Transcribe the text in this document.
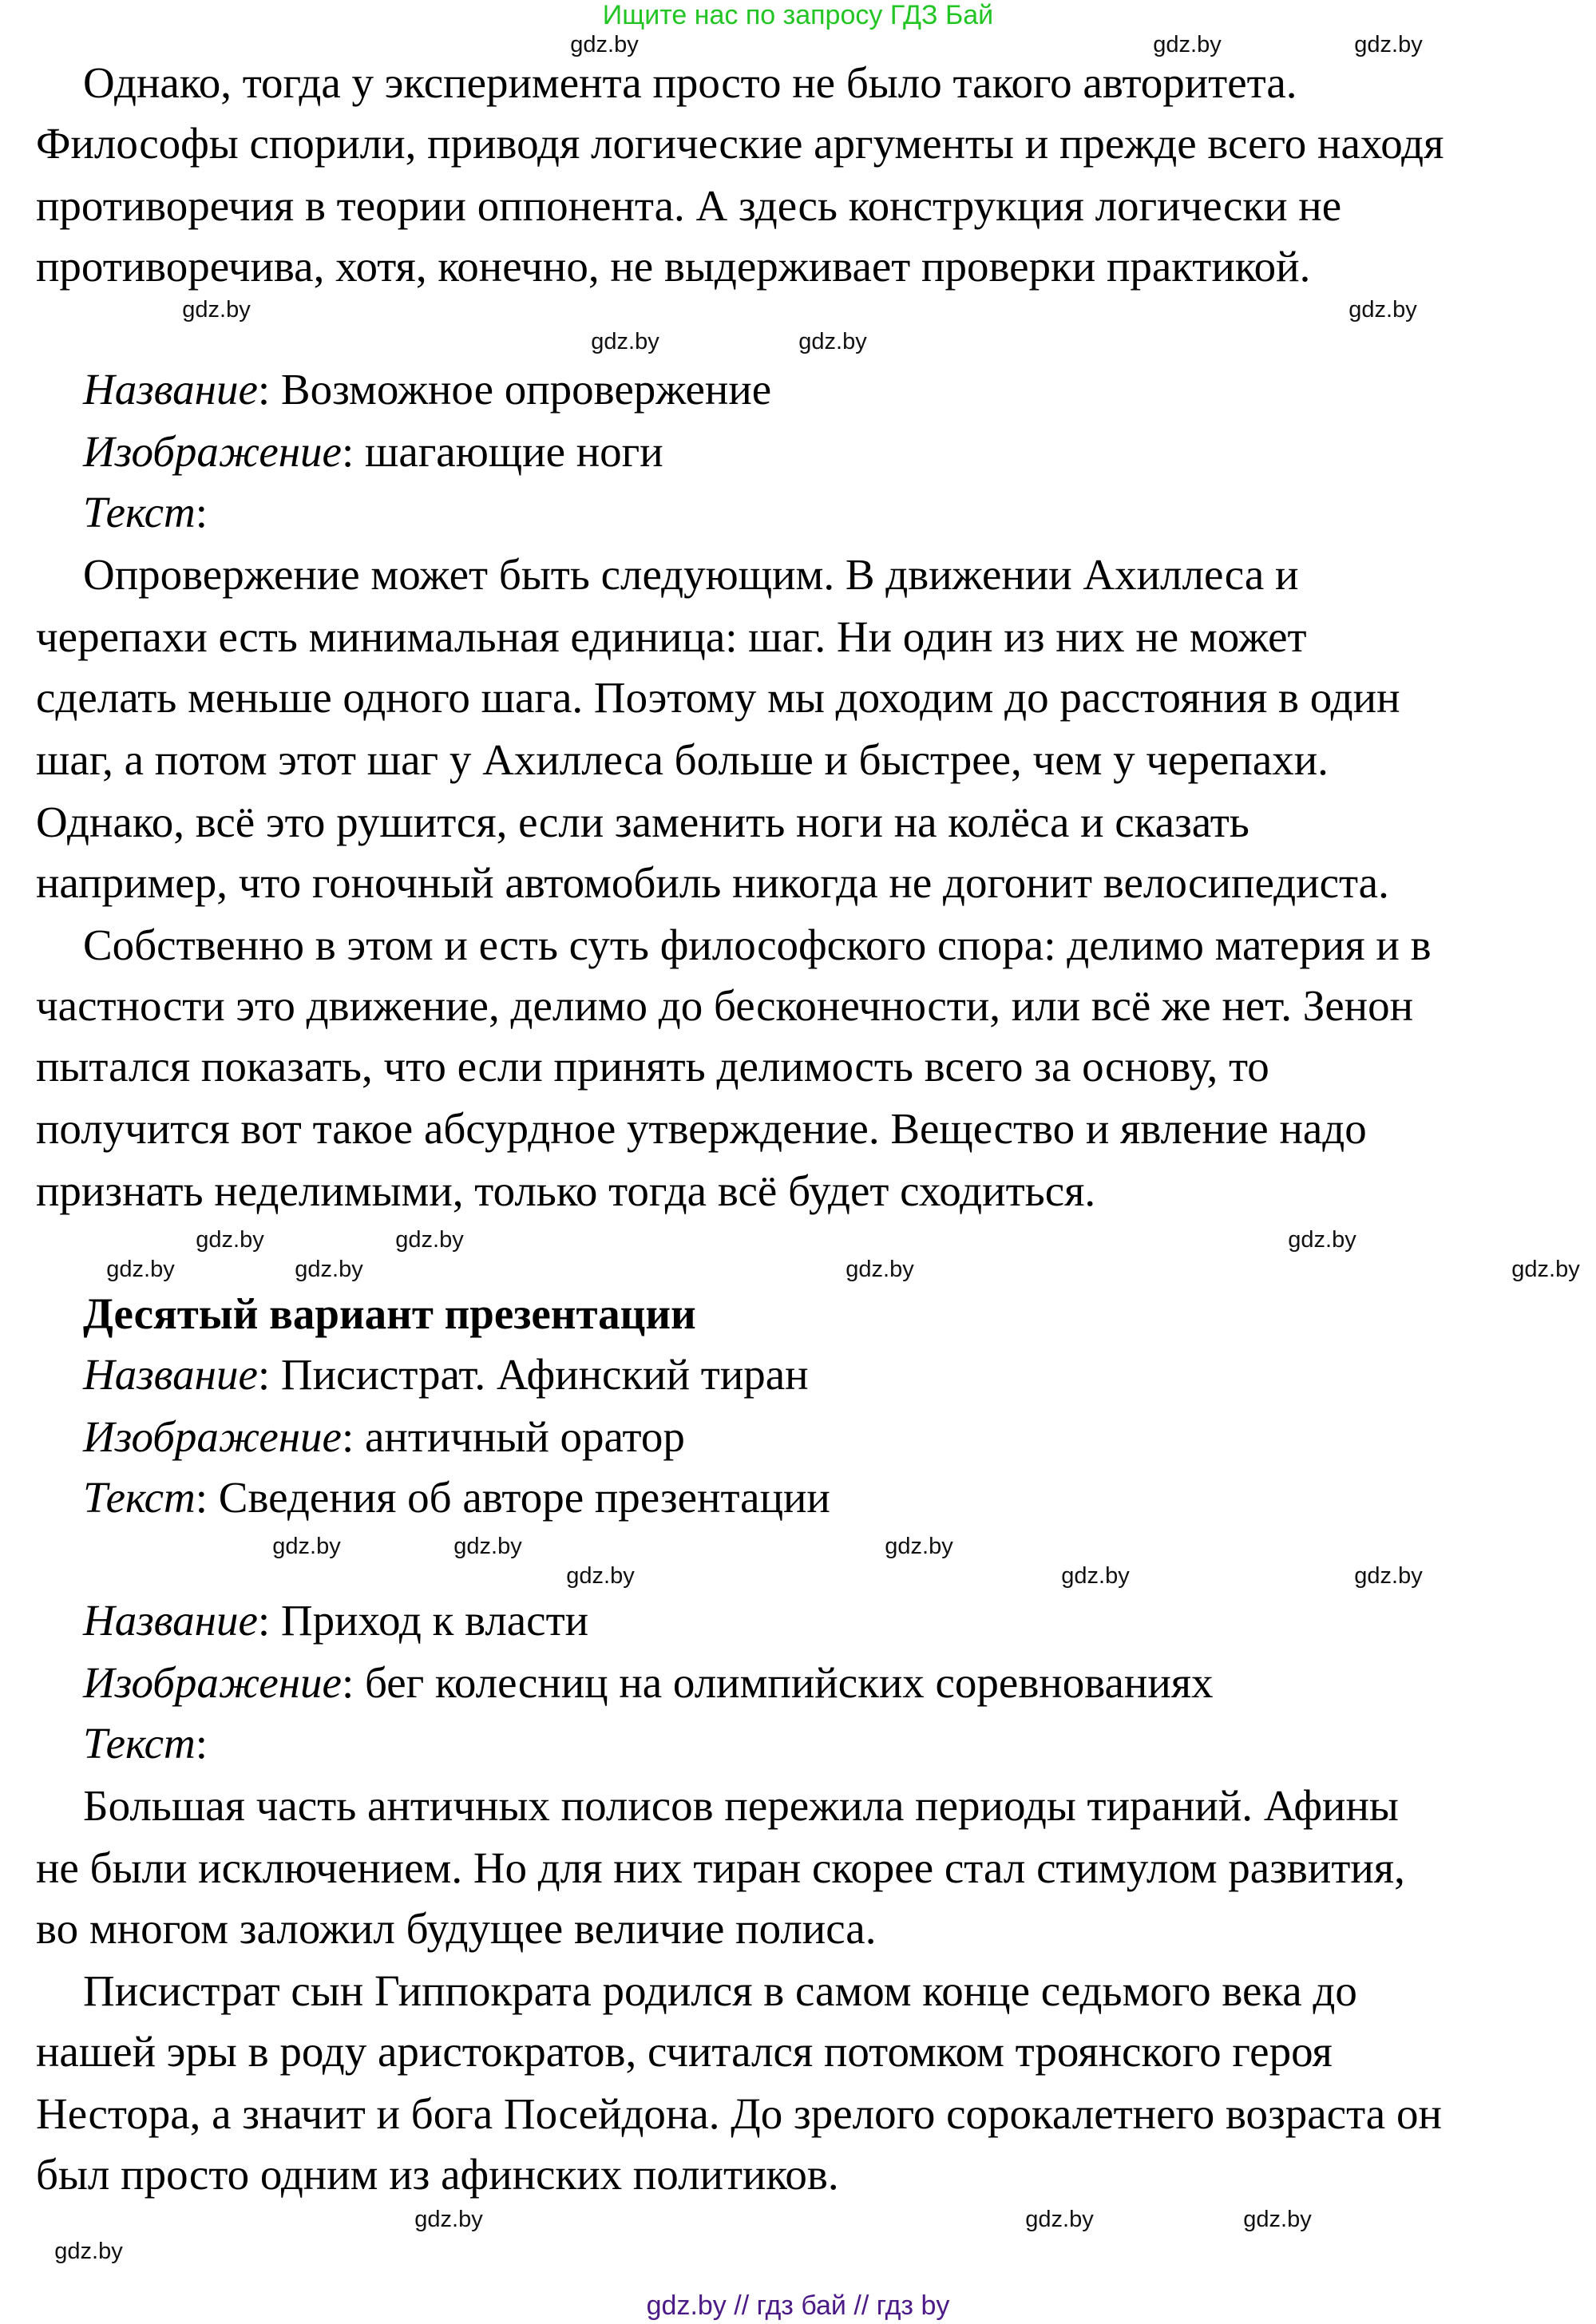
Ищите нас по запросу ГДЗ Бай
Однако, тогда у эксперимента просто не было такого авторитета.
Философы спорили, приводя логические аргументы и прежде всего находя
противоречия в теории оппонента. А здесь конструкция логически не
противоречива, хотя, конечно, не выдерживает проверки практикой.
Название: Возможное опровержение
Изображение: шагающие ноги
Текст:
Опровержение может быть следующим. В движении Ахиллеса и
черепахи есть минимальная единица: шаг. Ни один из них не может
сделать меньше одного шага. Поэтому мы доходим до расстояния в один
шаг, а потом этот шаг у Ахиллеса больше и быстрее, чем у черепахи.
Однако, всё это рушится, если заменить ноги на колёса и сказать
например, что гоночный автомобиль никогда не догонит велосипедиста.
Собственно в этом и есть суть философского спора: делимо материя и в
частности это движение, делимо до бесконечности, или всё же нет. Зенон
пытался показать, что если принять делимость всего за основу, то
получится вот такое абсурдное утверждение. Вещество и явление надо
признать неделимыми, только тогда всё будет сходиться.
Десятый вариант презентации
Название: Писистрат. Афинский тиран
Изображение: античный оратор
Текст: Сведения об авторе презентации
Название: Приход к власти
Изображение: бег колесниц на олимпийских соревнованиях
Текст:
Большая часть античных полисов пережила периоды тираний. Афины
не были исключением. Но для них тиран скорее стал стимулом развития,
во многом заложил будущее величие полиса.
Писистрат сын Гиппократа родился в самом конце седьмого века до
нашей эры в роду аристократов, считался потомком троянского героя
Нестора, а значит и бога Посейдона. До зрелого сорокалетнего возраста он
был просто одним из афинских политиков.
gdz.by	gdz.by	gdz.by
gdz.by	gdz.by
gdz.by
gdz.by
gdz.by	gdz.by	gdz.by
gdz.by	gdz.by	gdz.by
gdz.by
gdz.by
gdz.by
gdz.by
gdz.by
gdz.by
gdz.by
gdz.by
gdz.by
gdz.by
gdz.by
gdz.by // гдз бай // гдз by
